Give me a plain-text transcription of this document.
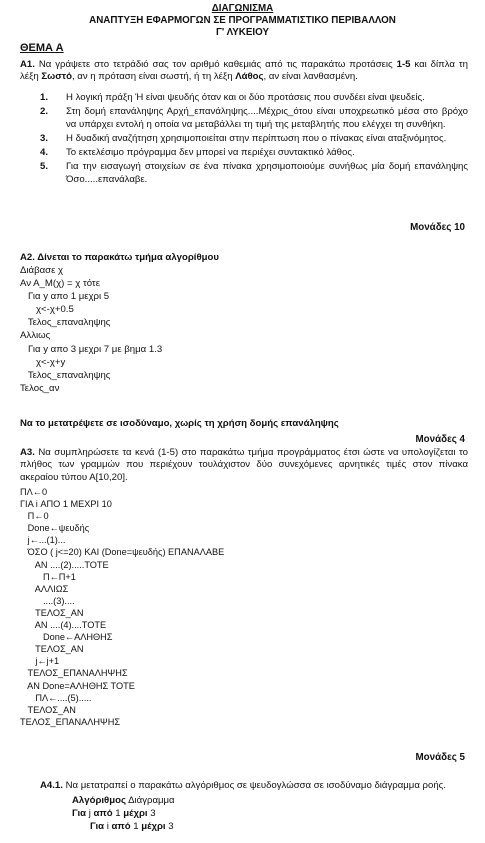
ΔΙΑΓΩΝΙΣΜΑ
ΑΝΑΠΤΥΞΗ ΕΦΑΡΜΟΓΩΝ ΣΕ ΠΡΟΓΡΑΜΜΑΤΙΣΤΙΚΟ ΠΕΡΙΒΑΛΛΟΝ
Γ' ΛΥΚΕΙΟΥ
ΘΕΜΑ Α
Α1. Να γράψετε στο τετράδιό σας τον αριθμό καθεμιάς από τις παρακάτω προτάσεις 1-5 και δίπλα τη λέξη Σωστό, αν η πρόταση είναι σωστή, ή τη λέξη Λάθος, αν είναι λανθασμένη.
1.	Η λογική πράξη Ή είναι ψευδής όταν και οι δύο προτάσεις που συνδέει είναι ψευδείς.
2.	Στη δομή επανάληψης Αρχή_επανάληψης....Μέχρις_ότου είναι υποχρεωτικό μέσα στο βρόχο να υπάρχει εντολή η οποία να μεταβάλλει τη τιμή της μεταβλητής που ελέγχει τη συνθήκη.
3.	Η δυαδική αναζήτηση χρησιμοποιείται στην περίπτωση που ο πίνακας είναι αταξινόμητος.
4.	Το εκτελέσιμο πρόγραμμα δεν μπορεί να περιέχει συντακτικό λάθος.
5.	Για την εισαγωγή στοιχείων σε ένα πίνακα χρησιμοποιούμε συνήθως μία δομή επανάληψης Όσο.....επανάλαβε.
Μονάδες 10
Α2. Δίνεται το παρακάτω τμήμα αλγορίθμου
Διάβασε χ
Αν Α_Μ(χ) = χ τότε
Για y απο 1 μεχρι 5
χ<-χ+0.5
Τελος_επαναληψης
Αλλιως
Για y απο 3 μεχρι 7 με βημα 1.3
χ<-χ+y
Τελος_επαναληψης
Τελος_αν
Να το μετατρέψετε σε ισοδύναμο, χωρίς τη χρήση δομής επανάληψης
Μονάδες 4
Α3. Να συμπληρώσετε τα κενά (1-5) στο παρακάτω τμήμα προγράμματος έτσι ώστε να υπολογίζεται το πλήθος των γραμμών που περιέχουν τουλάχιστον δύο συνεχόμενες αρνητικές τιμές στον πίνακα ακεραίου τύπου Α[10,20].
ΠΛ←0
ΓΙΑ i ΑΠΟ 1 ΜΕΧΡΙ 10
Π←0
Done←ψευδής
j←...(1)...
ΌΣΟ ( j<=20) ΚΑΙ (Done=ψευδής) ΕΠΑΝΑΛΑΒΕ
ΑΝ ....(2).....ΤΟΤΕ
Π←Π+1
ΑΛΛΙΩΣ
....(3)....
ΤΕΛΟΣ_ΑΝ
ΑΝ ....(4)....ΤΟΤΕ
Done←ΑΛΗΘΗΣ
ΤΕΛΟΣ_ΑΝ
j←j+1
ΤΕΛΟΣ_ΕΠΑΝΑΛΗΨΗΣ
ΑΝ Done=ΑΛΗΘΗΣ ΤΟΤΕ
ΠΛ←....(5).....
ΤΕΛΟΣ_ΑΝ
ΤΕΛΟΣ_ΕΠΑΝΑΛΗΨΗΣ
Μονάδες 5
Α4.1. Να μετατραπεί ο παρακάτω αλγόριθμος σε ψευδογλώσσα σε ισοδύναμο διάγραμμα ροής.
Αλγόριθμος Διάγραμμα
Για j από 1 μέχρι 3
Για i από 1 μέχρι 3
